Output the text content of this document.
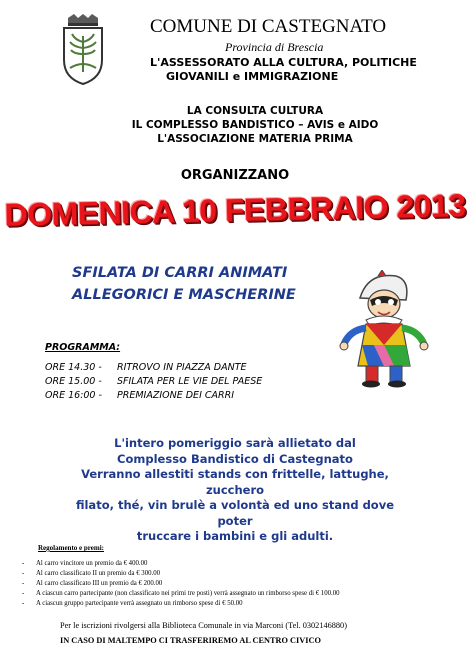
COMUNE DI CASTEGNATO
Provincia di Brescia
L'ASSESSORATO ALLA CULTURA, POLITICHE
GIOVANILI e IMMIGRAZIONE
LA CONSULTA CULTURA
IL COMPLESSO BANDISTICO – AVIS e AIDO
L'ASSOCIAZIONE MATERIA PRIMA
ORGANIZZANO
DOMENICA 10 FEBBRAIO 2013
SFILATA DI CARRI ANIMATI
ALLEGORICI E MASCHERINE
PROGRAMMA:
ORE 14.30 - RITROVO IN PIAZZA DANTE
ORE 15.00 - SFILATA PER LE VIE DEL PAESE
ORE 16:00 - PREMIAZIONE DEI CARRI
L'intero pomeriggio sarà allietato dal
Complesso Bandistico di Castegnato
Verranno allestiti stands con frittelle, lattughe, zucchero
filato, thé, vin brulè a volontà ed uno stand dove poter
truccare i bambini e gli adulti.
Regolamento e premi:
- Al carro vincitore un premio da € 400.00
- Al carro classificato II un premio da € 300.00
- Al carro classificato III un premio da € 200.00
- A ciascun carro partecipante (non classificato nei primi tre posti) verrà assegnato un rimborso spese di € 100.00
- A ciascun gruppo partecipante verrà assegnato un rimborso spese di € 50.00
Per le iscrizioni rivolgersi alla Biblioteca Comunale in via Marconi (Tel. 0302146880)
IN CASO DI MALTEMPO CI TRASFERIREMO AL CENTRO CIVICO
